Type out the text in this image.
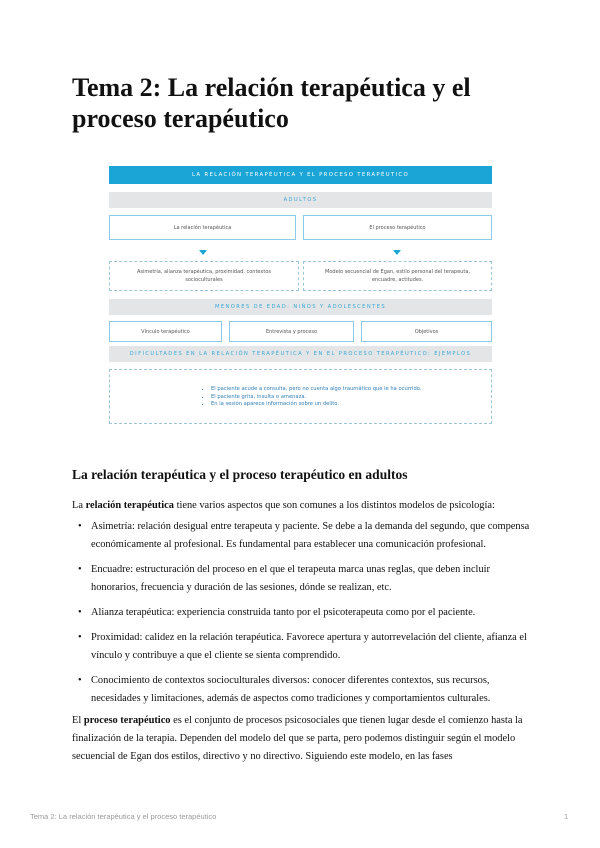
Tema 2: La relación terapéutica y el proceso terapéutico
LA RELACIÓN TERAPÉUTICA Y EL PROCESO TERAPÉUTICO
ADULTOS
La relación terapéutica	El proceso terapéutico
Asimetría, alianza terapéutica, proximidad, contextos socioculturales
Modelo secuencial de Egan, estilo personal del terapeuta, encuadre, actitudes.
MENORES DE EDAD: NIÑOS Y ADOLESCENTES
Vínculo terapéutico	Entrevista y proceso	Objetivos
DIFICULTADES EN LA RELACIÓN TERAPÉUTICA Y EN EL PROCESO TERAPÉUTICO: EJEMPLOS
• El paciente acude a consulta, pero no cuenta algo traumático que le ha ocurrido.
• El paciente grita, insulta o amenaza.
• En la sesión aparece información sobre un delito.
La relación terapéutica y el proceso terapéutico en adultos

La relación terapéutica tiene varios aspectos que son comunes a los distintos modelos de psicología:

• Asimetría: relación desigual entre terapeuta y paciente. Se debe a la demanda del segundo, que compensa económicamente al profesional. Es fundamental para establecer una comunicación profesional.
• Encuadre: estructuración del proceso en el que el terapeuta marca unas reglas, que deben incluir honorarios, frecuencia y duración de las sesiones, dónde se realizan, etc.
• Alianza terapéutica: experiencia construida tanto por el psicoterapeuta como por el paciente.
• Proximidad: calidez en la relación terapéutica. Favorece apertura y autorrevelación del cliente, afianza el vínculo y contribuye a que el cliente se sienta comprendido.
• Conocimiento de contextos socioculturales diversos: conocer diferentes contextos, sus recursos, necesidades y limitaciones, además de aspectos como tradiciones y comportamientos culturales.

El proceso terapéutico es el conjunto de procesos psicosociales que tienen lugar desde el comienzo hasta la finalización de la terapia. Dependen del modelo del que se parta, pero podemos distinguir según el modelo secuencial de Egan dos estilos, directivo y no directivo. Siguiendo este modelo, en las fases

Tema 2: La relación terapéutica y el proceso terapéutico	1
